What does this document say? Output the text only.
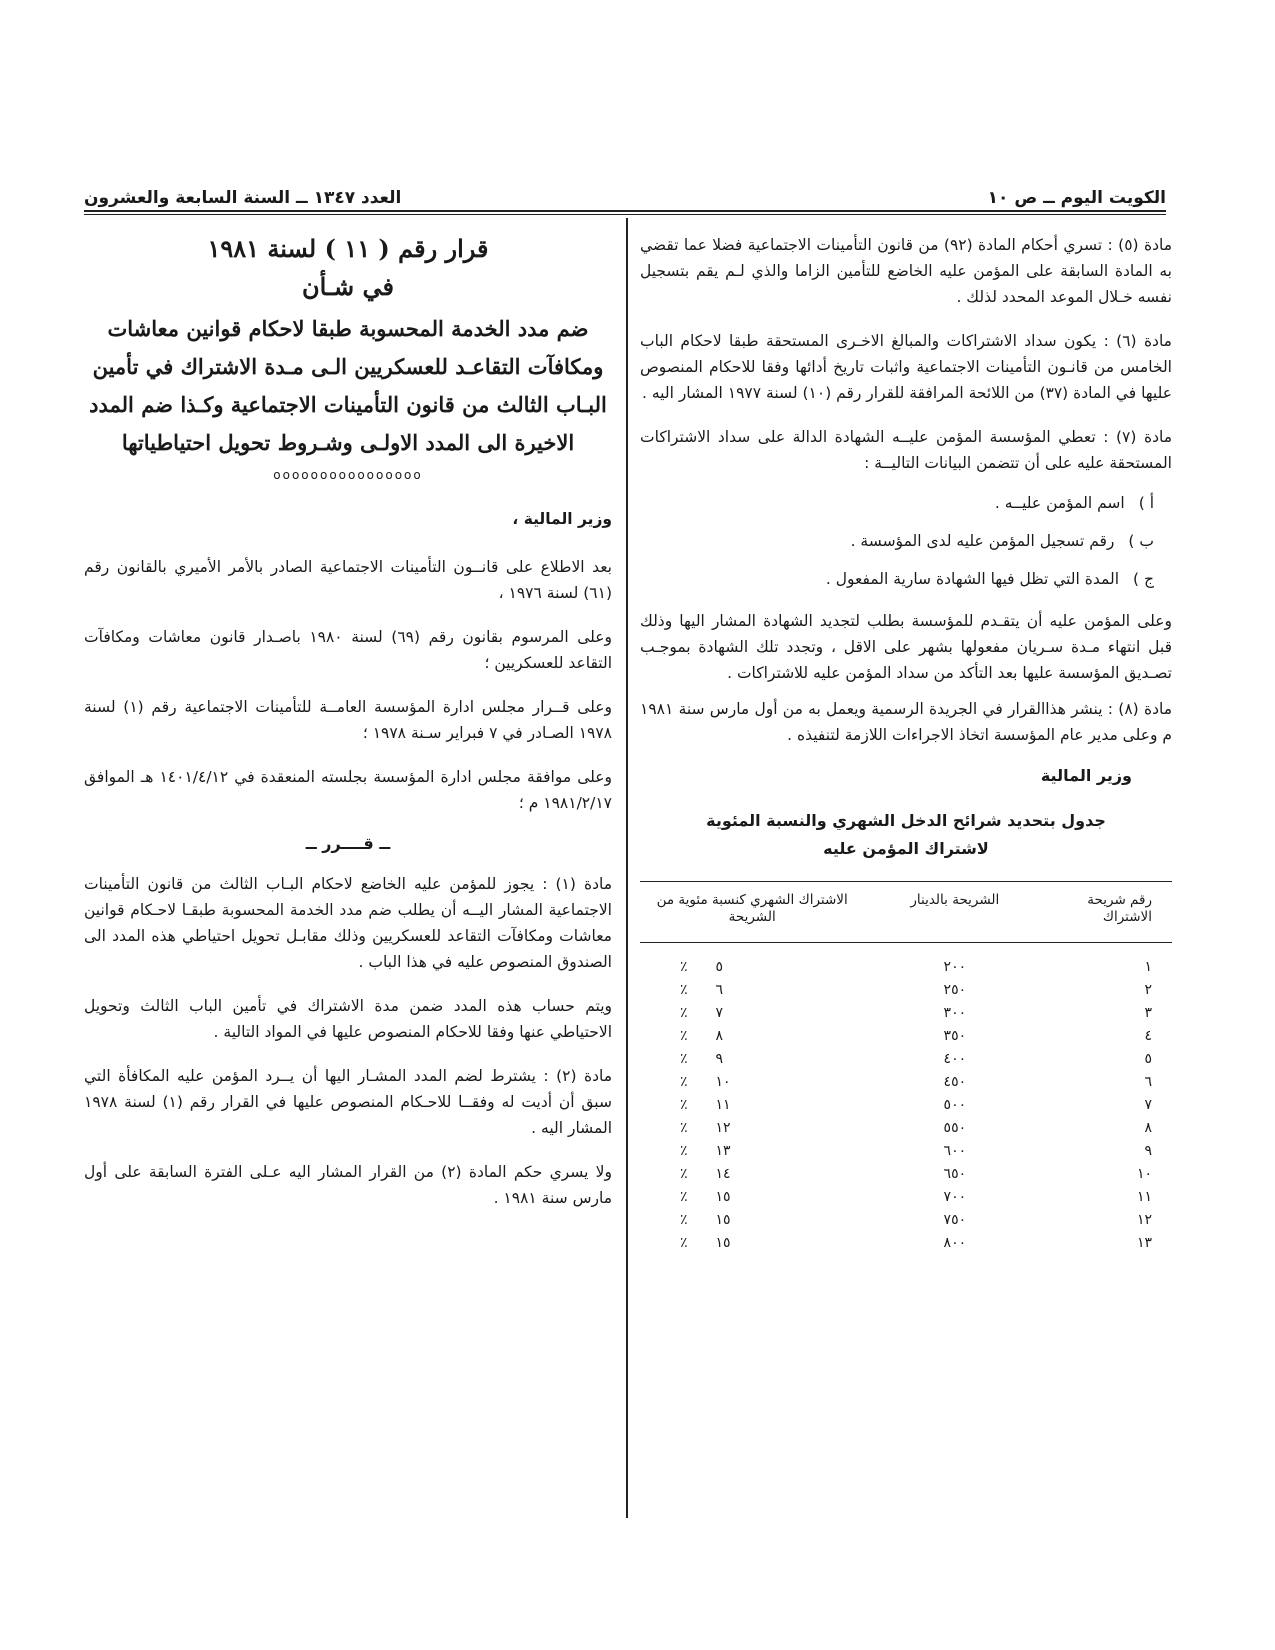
الكويت اليوم ــ ص ١٠
العدد ١٣٤٧ ــ السنة السابعة والعشرون

مادة (٥) : تسري أحكام المادة (٩٢) من قانون التأمينات الاجتماعية فضلا عما تقضي به المادة السابقة على المؤمن عليه الخاضع للتأمين الزاما والذي لـم يقم بتسجيل نفسه خـلال الموعد المحدد لذلك .

مادة (٦) : يكون سداد الاشتراكات والمبالغ الاخـرى المستحقة طبقا لاحكام الباب الخامس من قانـون التأمينات الاجتماعية واثبات تاريخ أدائها وفقا للاحكام المنصوص عليها في المادة (٣٧) من اللائحة المرافقة للقرار رقم (١٠) لسنة ١٩٧٧ المشار اليه .

مادة (٧) : تعطي المؤسسة المؤمن عليــه الشهادة الدالة على سداد الاشتراكات المستحقة عليه على أن تتضمن البيانات التاليــة :

أ )
اسم المؤمن عليــه .
ب )
رقم تسجيل المؤمن عليه لدى المؤسسة .
ج )
المدة التي تظل فيها الشهادة سارية المفعول .

وعلى المؤمن عليه أن يتقـدم للمؤسسة بطلب لتجديد الشهادة المشار اليها وذلك قبل انتهاء مـدة سـريان مفعولها بشهر على الاقل ، وتجدد تلك الشهادة بموجـب تصـديق المؤسسة عليها بعد التأكد من سداد المؤمن عليه للاشتراكات .

مادة (٨) : ينشر هذاالقرار في الجريدة الرسمية ويعمل به من أول مارس سنة ١٩٨١ م وعلى مدير عام المؤسسة اتخاذ الاجراءات اللازمة لتنفيذه .

وزير المالية
جدول بتحديد شرائح الدخل الشهري والنسبة المئوية
لاشتراك المؤمن عليه
رقم شريحة الاشتراك	الشريحة بالدينار	الاشتراك الشهري كنسبة مئوية من الشريحة
١	٢٠٠	٥٪
٢	٢٥٠	٦٪
٣	٣٠٠	٧٪
٤	٣٥٠	٨٪
٥	٤٠٠	٩٪
٦	٤٥٠	١٠٪
٧	٥٠٠	١١٪
٨	٥٥٠	١٢٪
٩	٦٠٠	١٣٪
١٠	٦٥٠	١٤٪
١١	٧٠٠	١٥٪
١٢	٧٥٠	١٥٪
١٣	٨٠٠	١٥٪
قرار رقم ( ١١ ) لسنة ١٩٨١
في شـأن
ضم مدد الخدمة المحسوبة طبقا لاحكام قوانين معاشات ومكافآت التقاعـد للعسكريين الـى مـدة الاشتراك في تأمين البـاب الثالث من قانون التأمينات الاجتماعية وكـذا ضم المدد الاخيرة الى المدد الاولـى وشـروط تحويل احتياطياتها
oooooooooooooooo

وزير المالية ،

بعد الاطلاع على قانــون التأمينات الاجتماعية الصادر بالأمر الأميري بالقانون رقم (٦١) لسنة ١٩٧٦ ،

وعلى المرسوم بقانون رقم (٦٩) لسنة ١٩٨٠ باصـدار قانون معاشات ومكافآت التقاعد للعسكريين ؛

وعلى قــرار مجلس ادارة المؤسسة العامــة للتأمينات الاجتماعية رقم (١) لسنة ١٩٧٨ الصـادر في ٧ فبراير سـنة ١٩٧٨ ؛

وعلى موافقة مجلس ادارة المؤسسة بجلسته المنعقدة في ١٤٠١/٤/١٢ هـ الموافق ١٩٨١/٢/١٧ م ؛

ــ قــــرر ــ

مادة (١) : يجوز للمؤمن عليه الخاضع لاحكام البـاب الثالث من قانون التأمينات الاجتماعية المشار اليــه أن يطلب ضم مدد الخدمة المحسوبة طبقـا لاحـكام قوانين معاشات ومكافآت التقاعد للعسكريين وذلك مقابـل تحويل احتياطي هذه المدد الى الصندوق المنصوص عليه في هذا الباب .

ويتم حساب هذه المدد ضمن مدة الاشتراك في تأمين الباب الثالث وتحويل الاحتياطي عنها وفقا للاحكام المنصوص عليها في المواد التالية .

مادة (٢) : يشترط لضم المدد المشـار اليها أن يــرد المؤمن عليه المكافأة التي سبق أن أديت له وفقــا للاحـكام المنصوص عليها في القرار رقم (١) لسنة ١٩٧٨ المشار اليه .

ولا يسري حكم المادة (٢) من القرار المشار اليه عـلى الفترة السابقة على أول مارس سنة ١٩٨١ .
